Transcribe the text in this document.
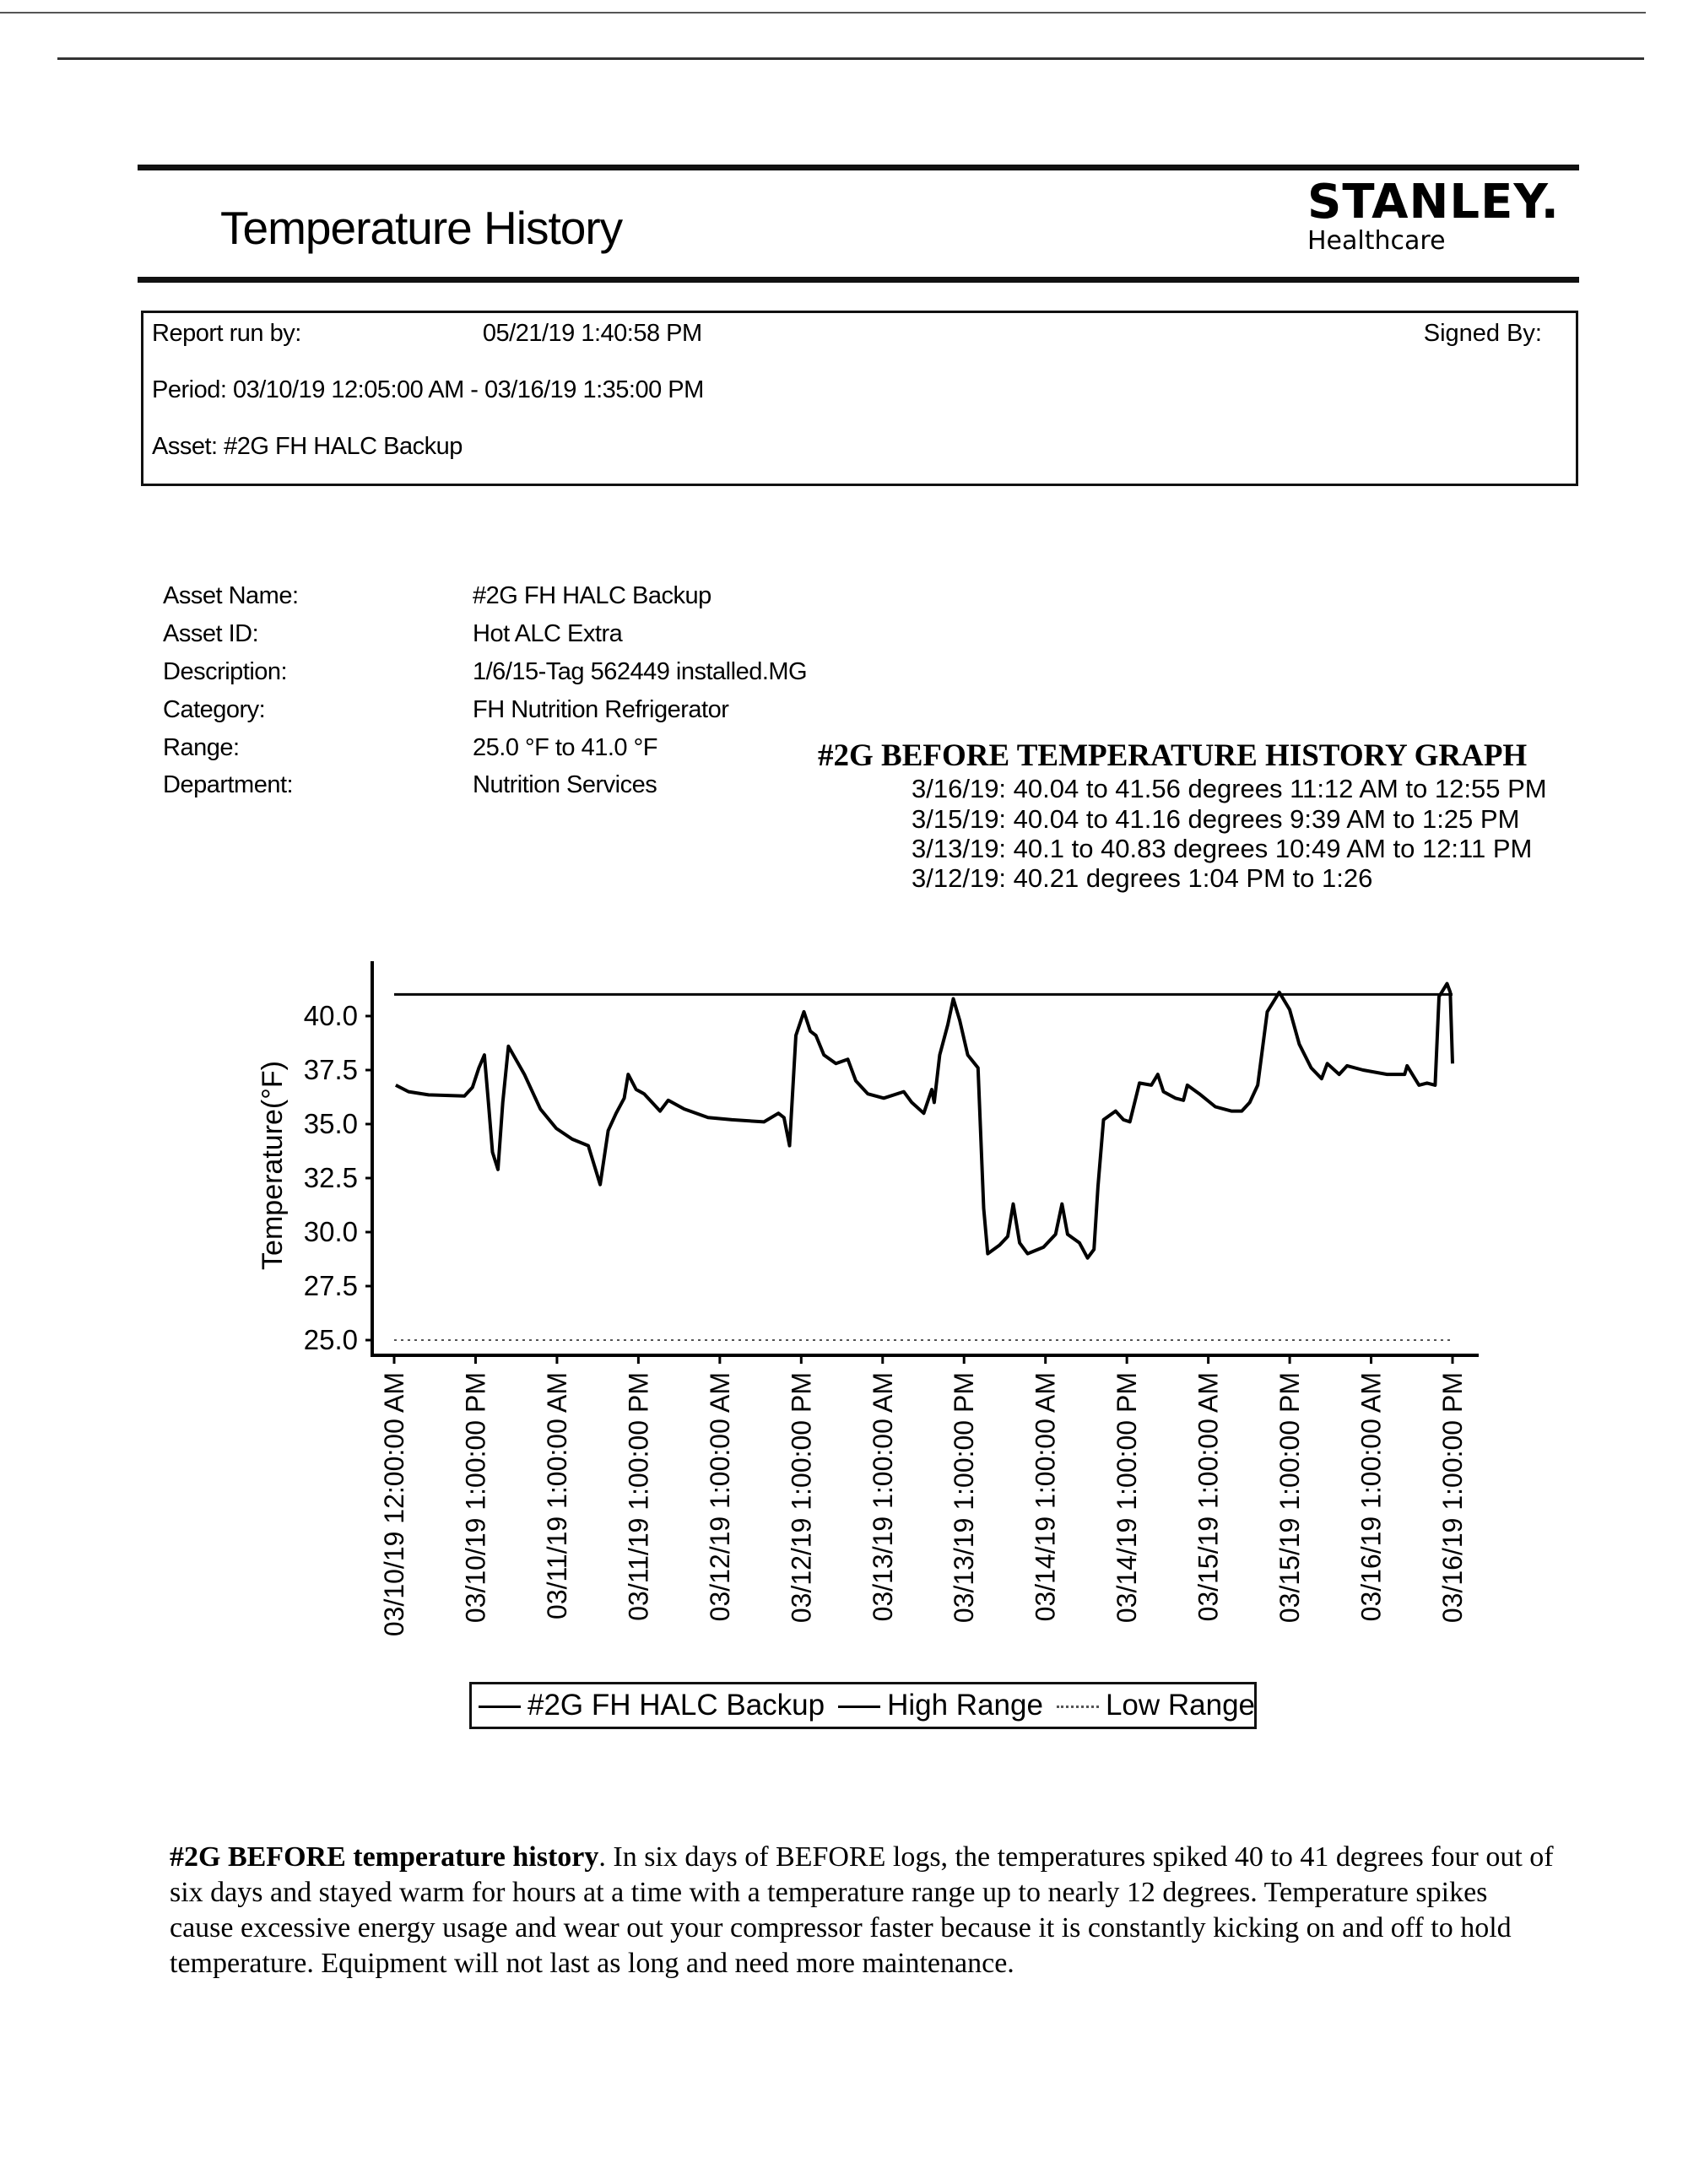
Temperature History	STANLEY.
Healthcare
Report run by:	05/21/19 1:40:58 PM	Signed By:
Period: 03/10/19 12:05:00 AM - 03/16/19 1:35:00 PM
Asset: #2G FH HALC Backup
Asset Name:	#2G FH HALC Backup
Asset ID:	Hot ALC Extra
Description:	1/6/15-Tag 562449 installed.MG
Category:	FH Nutrition Refrigerator
Range:	25.0 °F to 41.0 °F
Department:	Nutrition Services
#2G BEFORE TEMPERATURE HISTORY GRAPH
3/16/19: 40.04 to 41.56 degrees 11:12 AM to 12:55 PM
3/15/19: 40.04 to 41.16 degrees 9:39 AM to 1:25 PM
3/13/19: 40.1 to 40.83 degrees 10:49 AM to 12:11 PM
3/12/19: 40.21 degrees 1:04 PM to 1:26
Temperature(°F)
25.0
27.5
30.0
32.5
35.0
37.5
40.0
03/10/19 12:00:00 AM 03/10/19 1:00:00 PM 03/11/19 1:00:00 AM 03/11/19 1:00:00 PM 03/12/19 1:00:00 AM 03/12/19 1:00:00 PM 03/13/19 1:00:00 AM 03/13/19 1:00:00 PM 03/14/19 1:00:00 AM 03/14/19 1:00:00 PM 03/15/19 1:00:00 AM 03/15/19 1:00:00 PM 03/16/19 1:00:00 AM 03/16/19 1:00:00 PM
#2G FH HALC Backup	High Range	Low Range
#2G BEFORE temperature history. In six days of BEFORE logs, the temperatures spiked 40 to 41 degrees four out of six days and stayed warm for hours at a time with a temperature range up to nearly 12 degrees. Temperature spikes cause excessive energy usage and wear out your compressor faster because it is constantly kicking on and off to hold temperature. Equipment will not last as long and need more maintenance.
